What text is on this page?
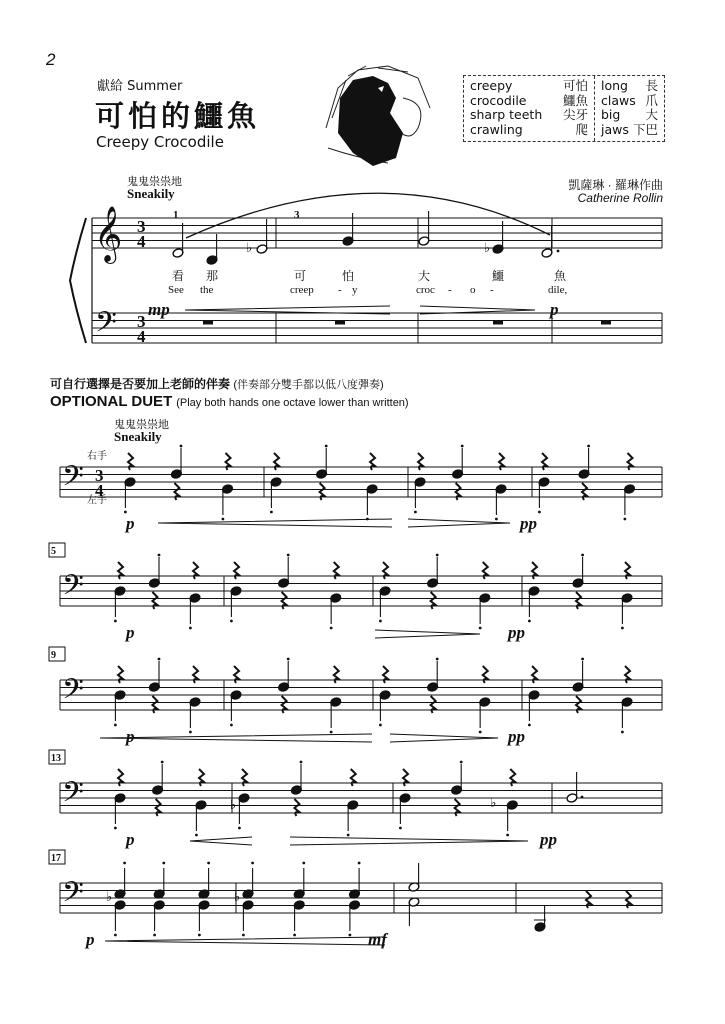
2
獻給 Summer
可怕的鱷魚
Creepy Crocodile
creepy	可怕
crocodile	鱷魚
sharp teeth 尖牙
crawling	爬
long 長
claws 爪
big 大
jaws 下巴
鬼鬼祟祟地
Sneakily
凱薩琳 · 羅琳作曲
Catherine Rollin
可自行選擇是否要加上老師的伴奏 (伴奏部分雙手都以低八度彈奏)
OPTIONAL DUET (Play both hands one octave lower than written)
鬼鬼祟祟地
Sneakily
𝄞 3
4
𝄢 3
4
♭	♭
1	3
看 那	可	怕	大	鱷	魚
See the	creep - y	croc - o -	dile,
mp	p
𝄢 3
4
p	pp
𝄢
5
p	pp
𝄢
9
p	pp
𝄢	♭	♭
13
p	pp
𝄢 ♭	♭
17
p	mf
右手
左手
